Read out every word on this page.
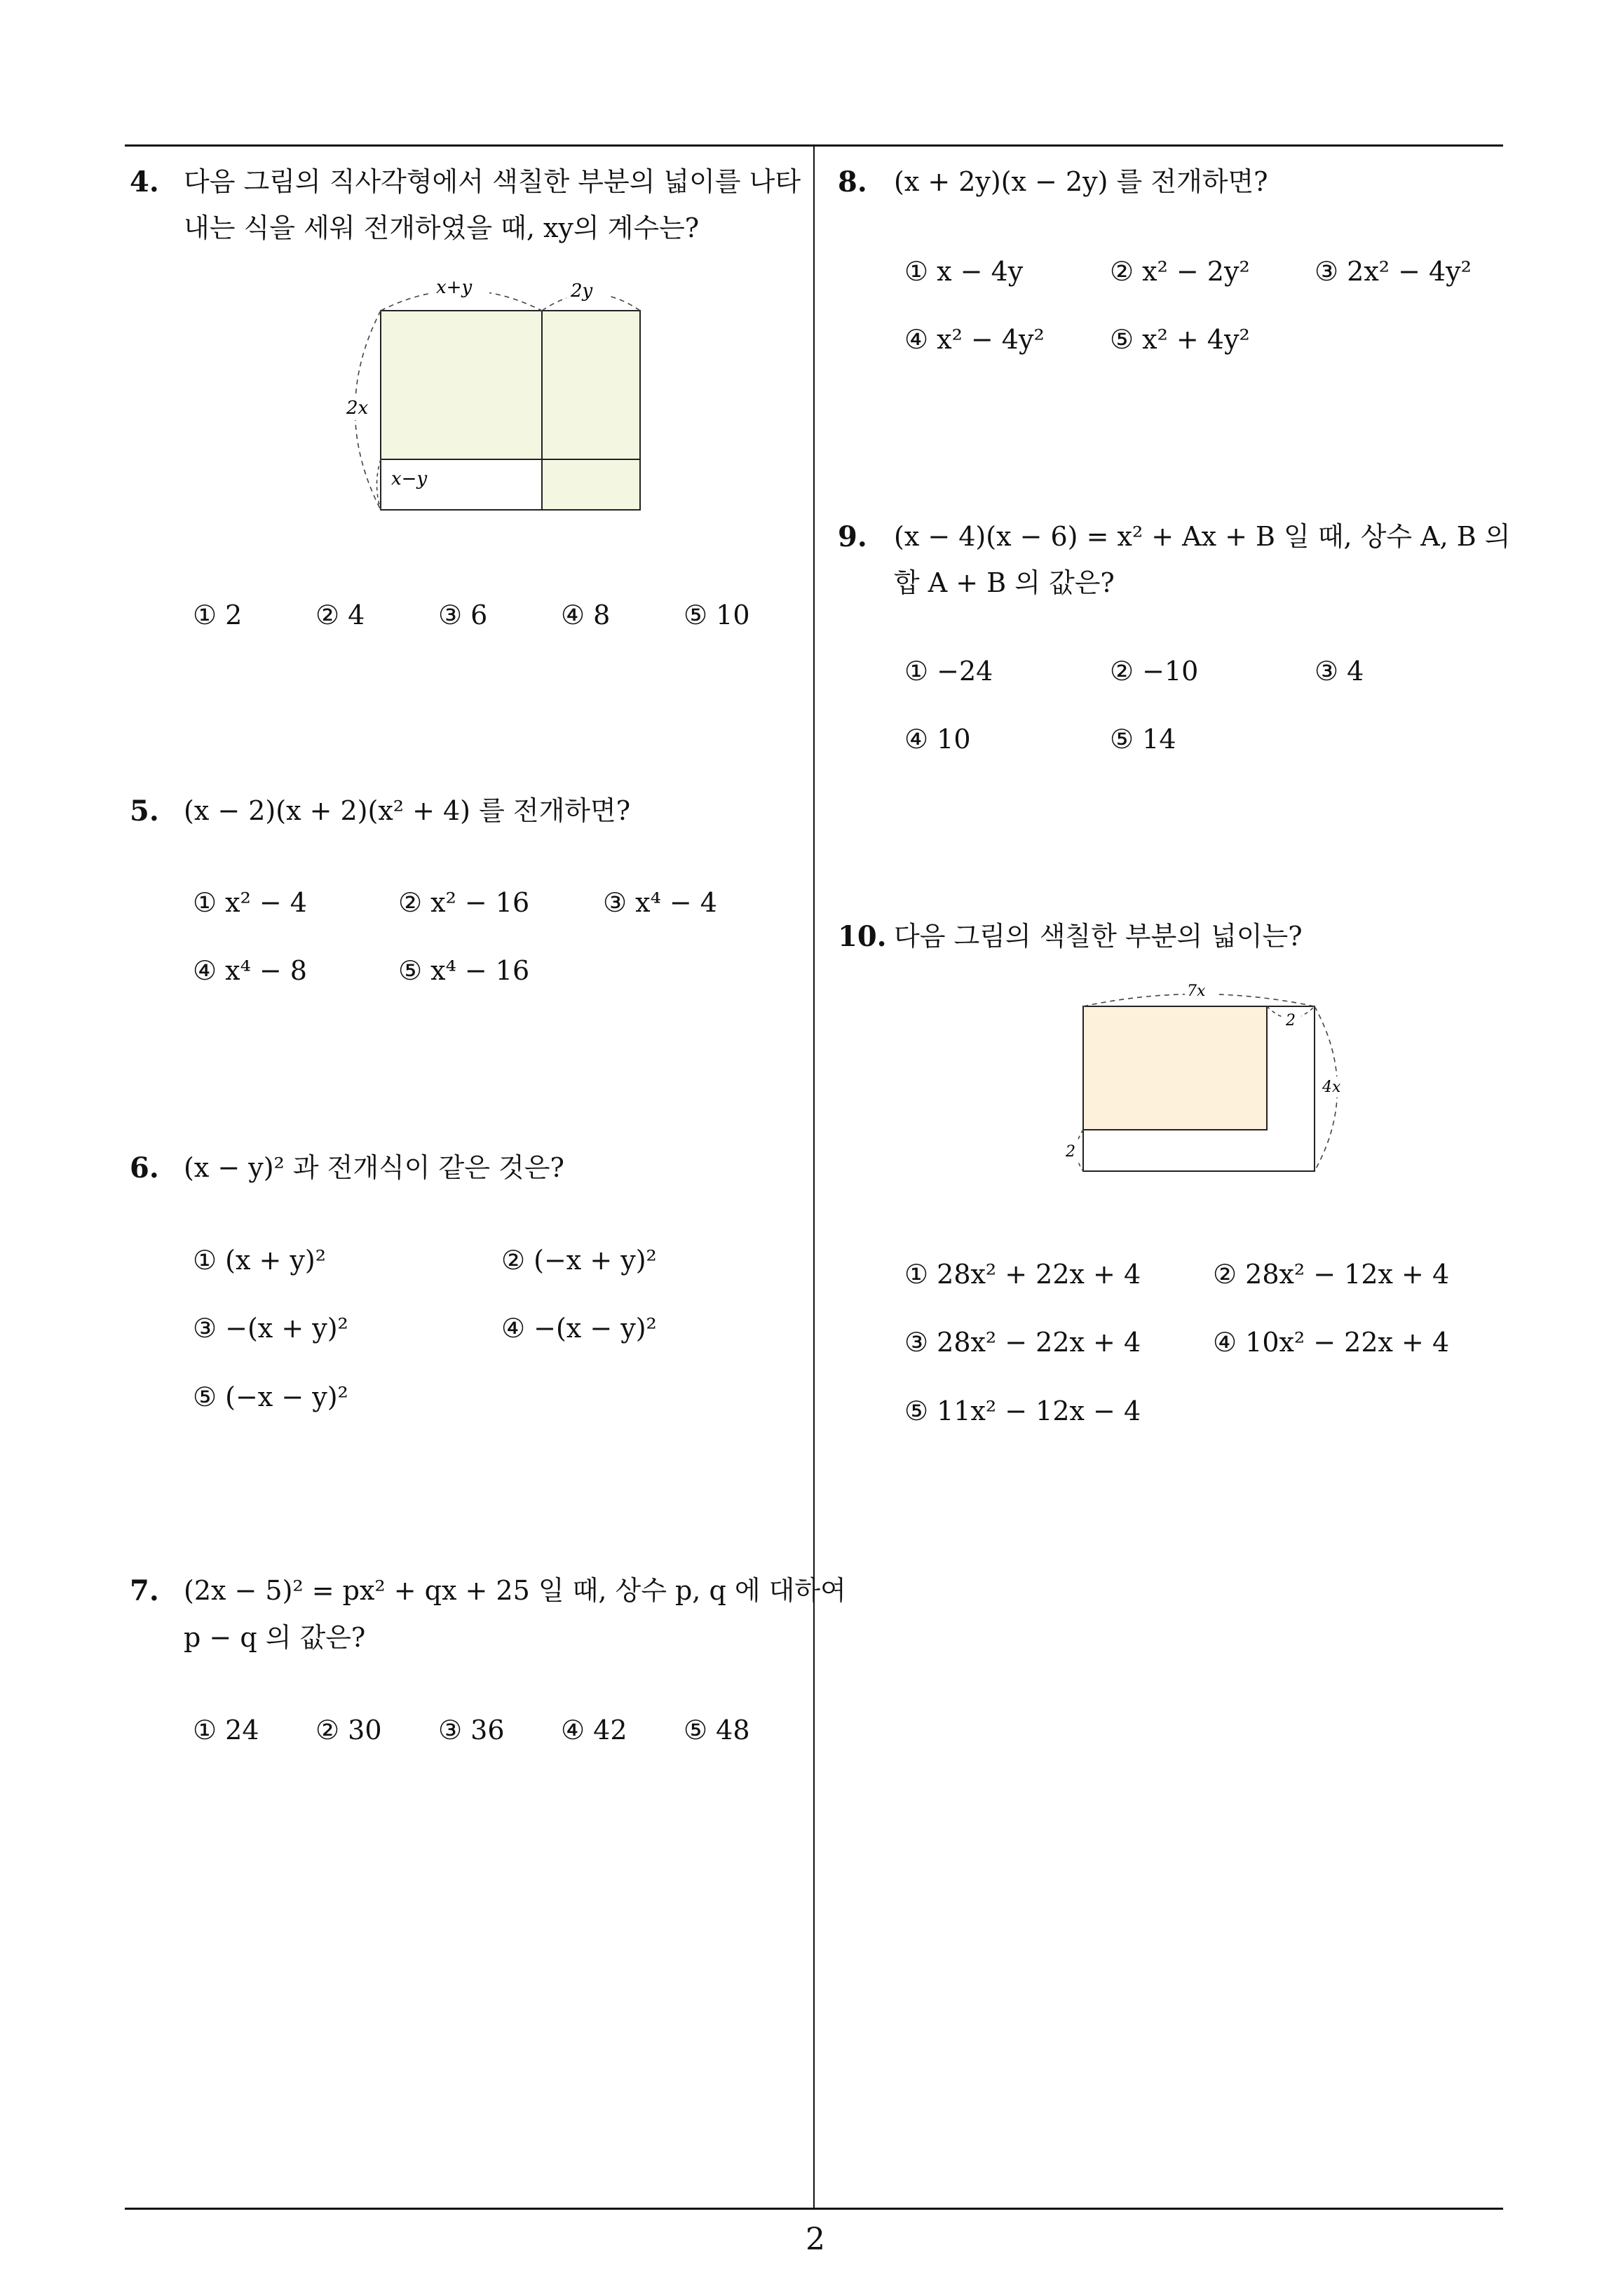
2
4. 다음 그림의 직사각형에서 색칠한 부분의 넓이를 나타
내는 식을 세워 전개하였을 때, xy의 계수는?
x+y	2y
2x
x−y
① 2	② 4	③ 6	④ 8	⑤ 10
5. (x − 2)(x + 2)(x² + 4) 를 전개하면?
① x² − 4	② x² − 16	③ x⁴ − 4
④ x⁴ − 8	⑤ x⁴ − 16
6. (x − y)² 과 전개식이 같은 것은?
① (x + y)²	② (−x + y)²
③ −(x + y)²	④ −(x − y)²
⑤ (−x − y)²
7. (2x − 5)² = px² + qx + 25 일 때, 상수 p, q 에 대하여
p − q 의 값은?
① 24 ② 30 ③ 36 ④ 42 ⑤ 48
8. (x + 2y)(x − 2y) 를 전개하면?
① x − 4y	② x² − 2y² ③ 2x² − 4y²
④ x² − 4y² ⑤ x² + 4y²
9. (x − 4)(x − 6) = x² + Ax + B 일 때, 상수 A, B 의
합 A + B 의 값은?
① −24	② −10	③ 4
④ 10	⑤ 14
10. 다음 그림의 색칠한 부분의 넓이는?
7x
2
4x
2
① 28x² + 22x + 4	② 28x² − 12x + 4
③ 28x² − 22x + 4	④ 10x² − 22x + 4
⑤ 11x² − 12x − 4
